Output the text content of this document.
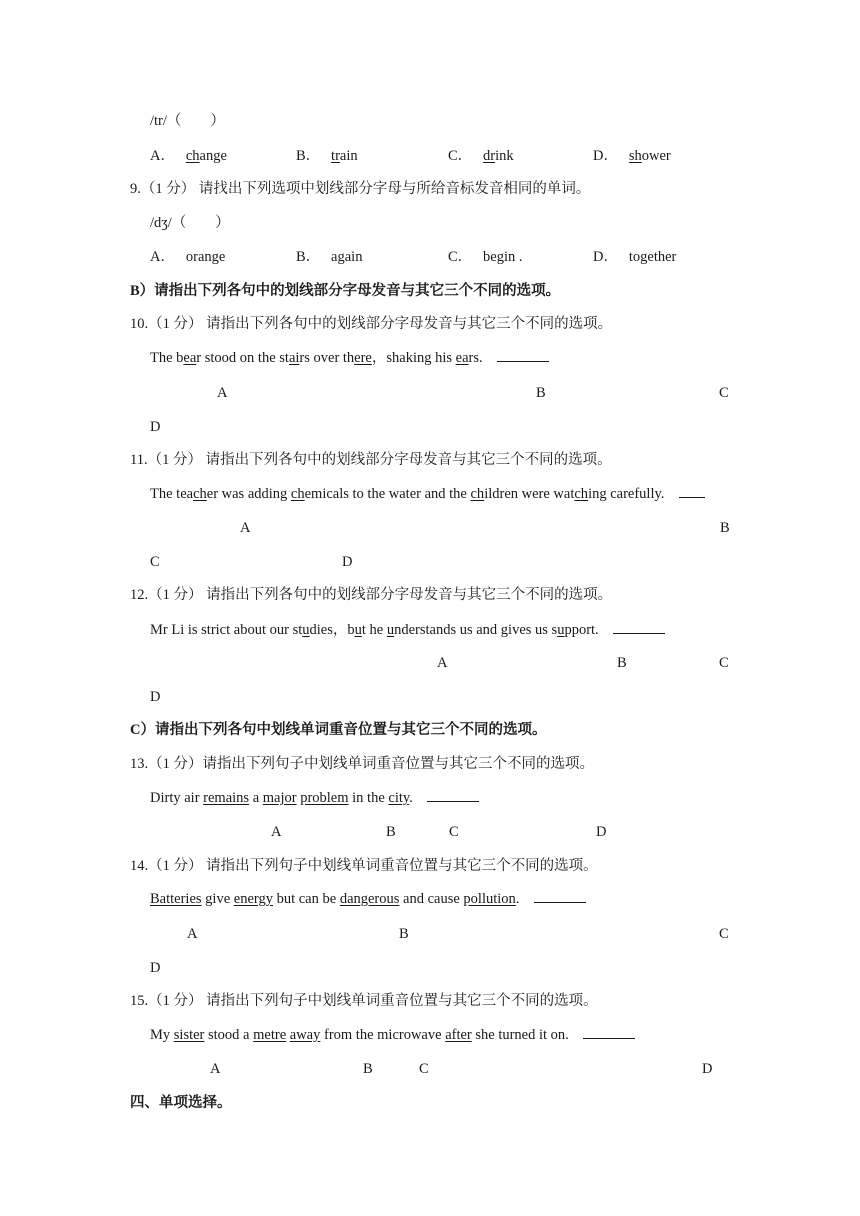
/tr/（　　）
A． change	B． train	C． drink	D． shower
9.（1 分） 请找出下列选项中划线部分字母与所给音标发音相同的单词。
/dʒ/（　　）
A． orange	B． again	C． begin .	D． together
B）请指出下列各句中的划线部分字母发音与其它三个不同的选项。
10.（1 分） 请指出下列各句中的划线部分字母发音与其它三个不同的选项。
The bear stood on the stairs over there，shaking his ears.
A	B	C
D
11.（1 分） 请指出下列各句中的划线部分字母发音与其它三个不同的选项。
The teacher was adding chemicals to the water and the children were watching carefully.
A	B
C	D
12.（1 分） 请指出下列各句中的划线部分字母发音与其它三个不同的选项。
Mr Li is strict about our studies，but he understands us and gives us support.
A	B	C
D
C）请指出下列各句中划线单词重音位置与其它三个不同的选项。
13.（1 分）请指出下列句子中划线单词重音位置与其它三个不同的选项。
Dirty air remains a major problem in the city.
A	B	C	D
14.（1 分） 请指出下列句子中划线单词重音位置与其它三个不同的选项。
Batteries give energy but can be dangerous and cause pollution.
A	B	C
D
15.（1 分） 请指出下列句子中划线单词重音位置与其它三个不同的选项。
My sister stood a metre away from the microwave after she turned it on.
A	B	C	D
四、单项选择。
